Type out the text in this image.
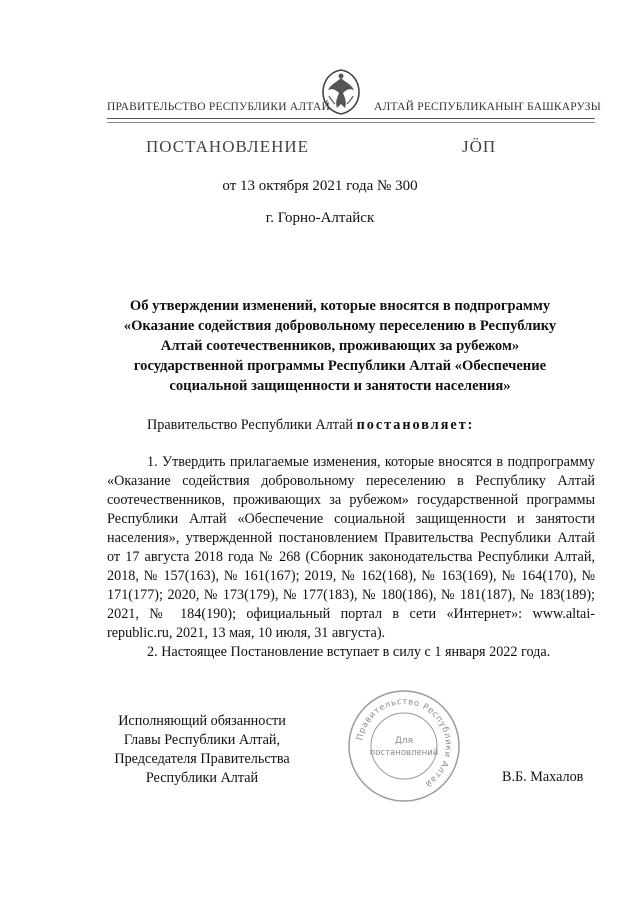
ПРАВИТЕЛЬСТВО РЕСПУБЛИКИ АЛТАЙ	АЛТАЙ РЕСПУБЛИКАНЫҤ БАШКАРУЗЫ
ПОСТАНОВЛЕНИЕ	JÖП
от 13 октября 2021 года № 300
г. Горно-Алтайск
Об утверждении изменений, которые вносятся в подпрограмму
«Оказание содействия добровольному переселению в Республику
Алтай соотечественников, проживающих за рубежом»
государственной программы Республики Алтай «Обеспечение
социальной защищенности и занятости населения»
Правительство Республики Алтай постановляет:

1. Утвердить прилагаемые изменения, которые вносятся в подпрограмму «Оказание содействия добровольному переселению в Республику Алтай соотечественников, проживающих за рубежом» государственной программы Республики Алтай «Обеспечение социальной защищенности и занятости населения», утвержденной постановлением Правительства Республики Алтай от 17 августа 2018 года № 268 (Сборник законодательства Республики Алтай, 2018, № 157(163), № 161(167); 2019, № 162(168), № 163(169), № 164(170), № 171(177); 2020, № 173(179), № 177(183), № 180(186), № 181(187), № 183(189); 2021, № 184(190); официальный портал в сети «Интернет»: www.altai-republic.ru, 2021, 13 мая, 10 июля, 31 августа).

2. Настоящее Постановление вступает в силу с 1 января 2022 года.

Правительство Республики Алтай
Для
постановлений
Исполняющий обязанности
Главы Республики Алтай,
Председателя Правительства
Республики Алтай	В.Б. Махалов
